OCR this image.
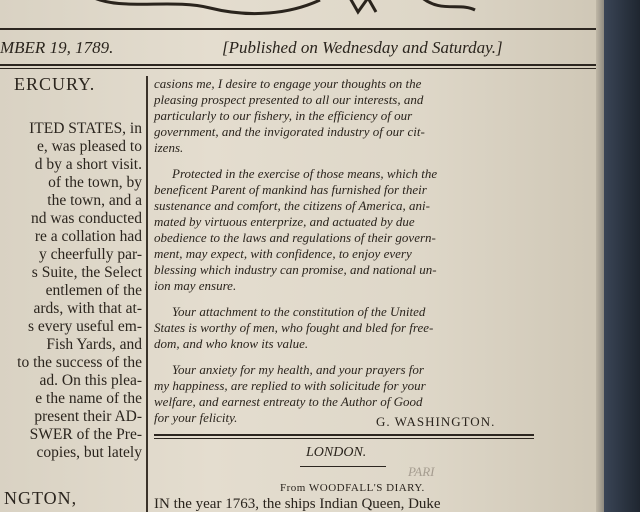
MBER 19, 1789.	[Published on Wednesday and Saturday.]
ERCURY.
ITED STATES, in
e, was pleased to
d by a short visit.
of the town, by
the town, and a
nd was conducted
re a collation had
y cheerfully par-
s Suite, the Select
entlemen of the
ards, with that at-
s every useful em-
Fish Yards, and
to the success of the
ad. On this plea-
e the name of the
present their AD-
SWER of the Pre-
copies, but lately
NGTON,
casions me, I desire to engage your thoughts on the
pleasing prospect presented to all our interests, and
particularly to our fishery, in the efficiency of our
government, and the invigorated industry of our cit-
izens.
Protected in the exercise of those means, which the
beneficent Parent of mankind has furnished for their
sustenance and comfort, the citizens of America, ani-
mated by virtuous enterprize, and actuated by due
obedience to the laws and regulations of their govern-
ment, may expect, with confidence, to enjoy every
blessing which industry can promise, and national un-
ion may ensure.
Your attachment to the constitution of the United
States is worthy of men, who fought and bled for free-
dom, and who know its value.
Your anxiety for my health, and your prayers for
my happiness, are replied to with solicitude for your
welfare, and earnest entreaty to the Author of Good
for your felicity.	G. WASHINGTON.
LONDON.
PARI
From WOODFALL'S DIARY.
IN the year 1763, the ships Indian Queen, Duke
